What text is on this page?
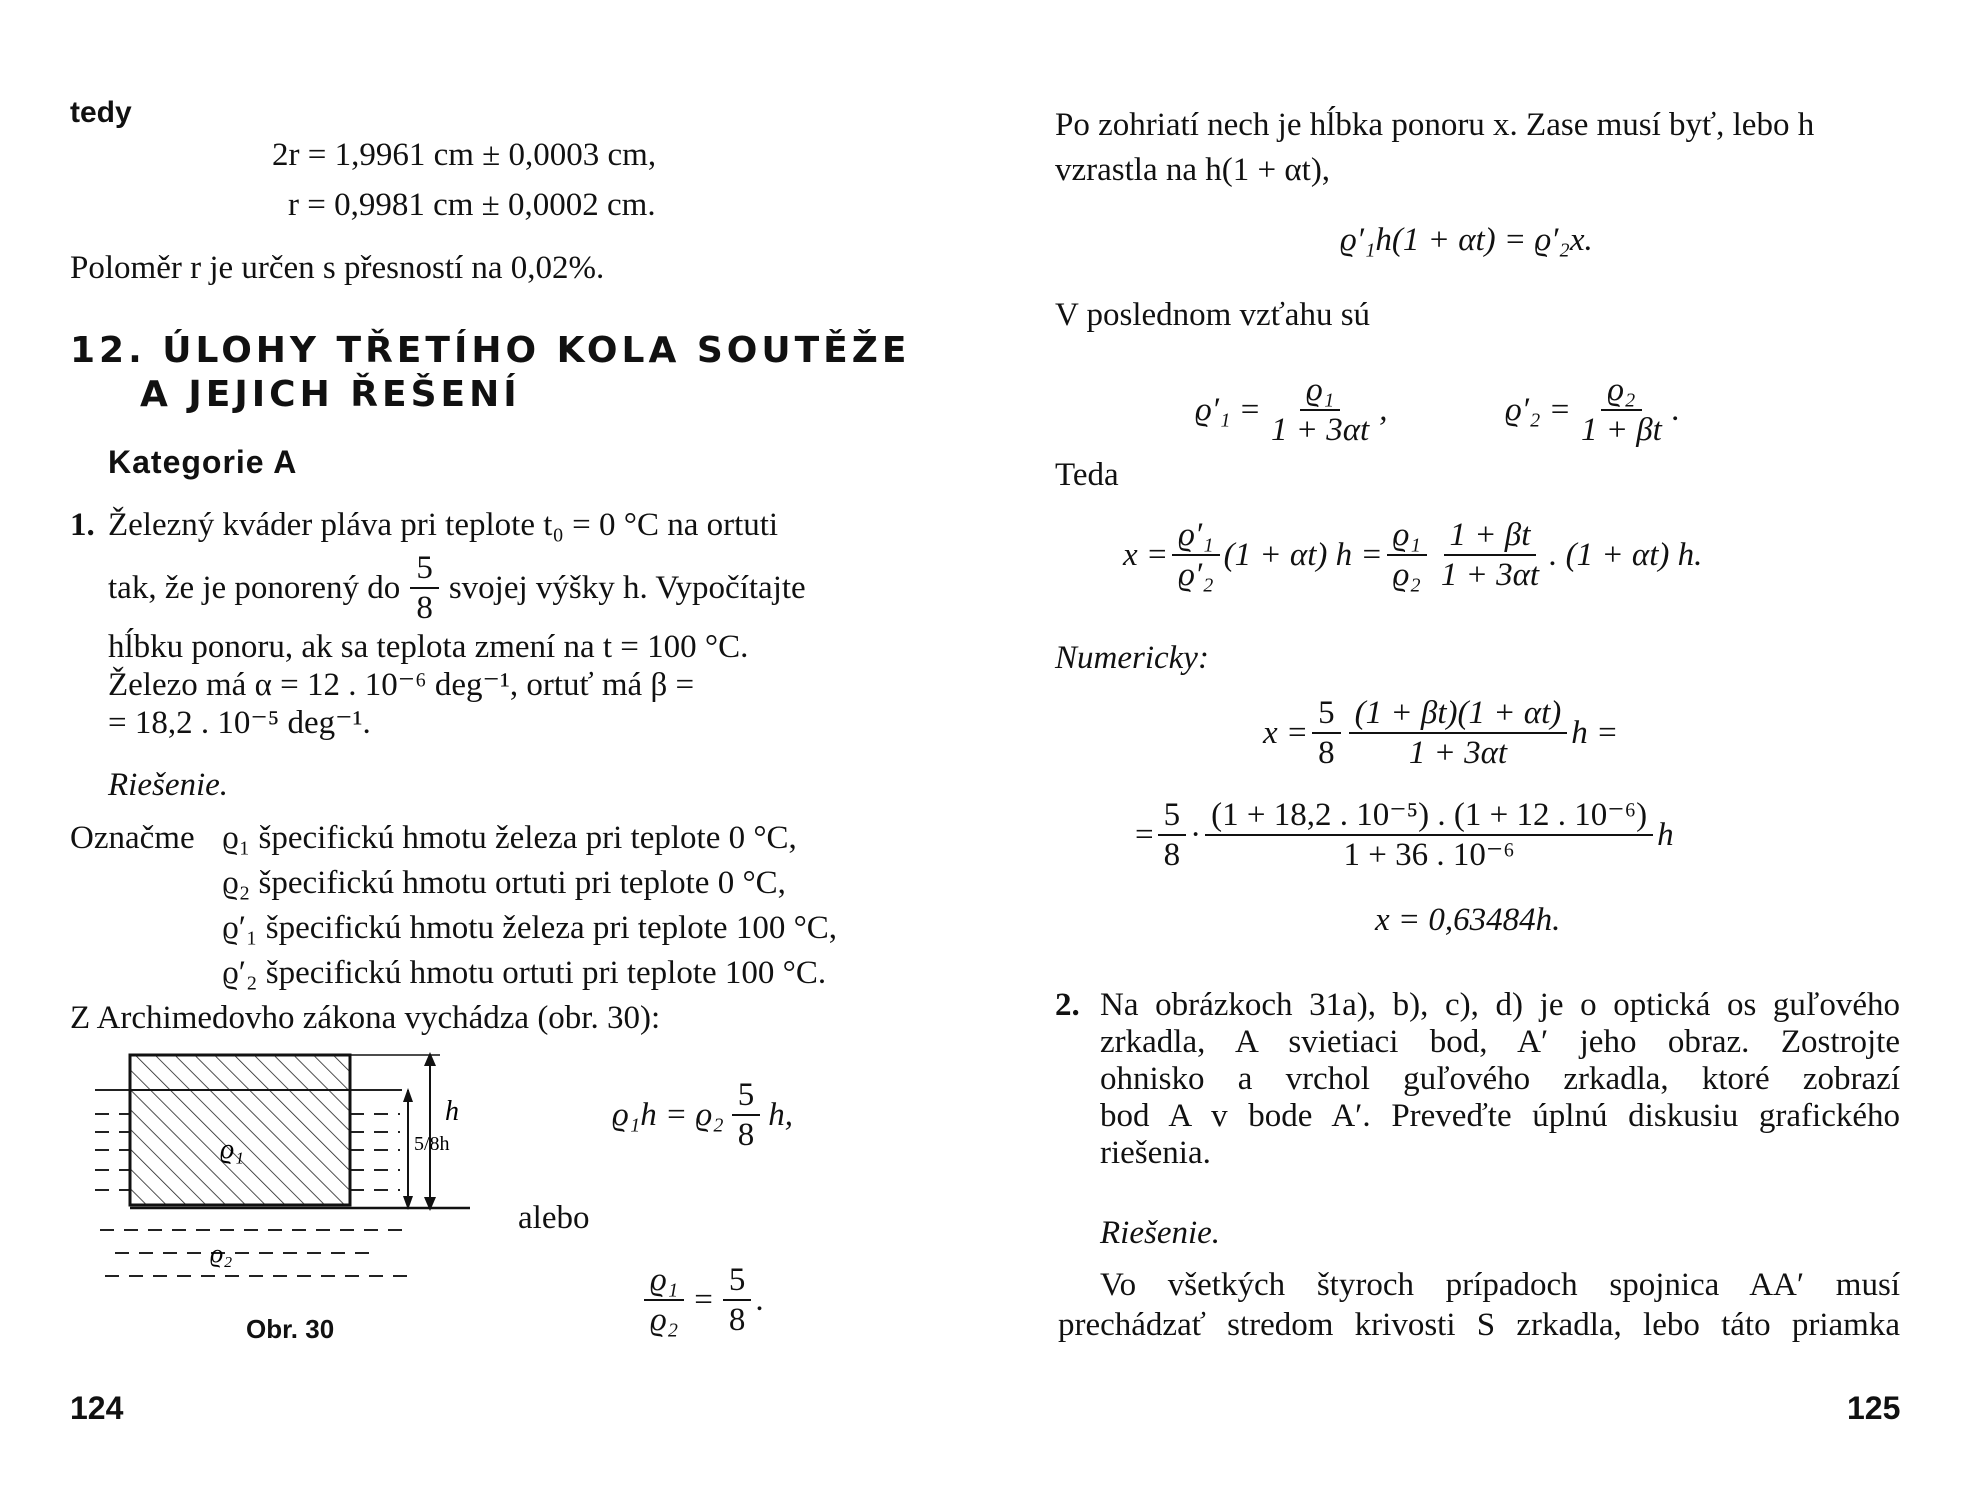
tedy
2r = 1,9961 cm ± 0,0003 cm,
r = 0,9981 cm ± 0,0002 cm.
Poloměr r je určen s přesností na 0,02%.
12. ÚLOHY TŘETÍHO KOLA SOUTĚŽE
A JEJICH ŘEŠENÍ
Kategorie A
1. Železný kváder pláva pri teplote t₀ = 0 °C na ortuti
tak, že je ponorený do $\frac{5}{8}$ svojej výšky h. Vypočítajte
hĺbku ponoru, ak sa teplota zmení na t = 100 °C.
Železo má α = 12 . 10⁻⁶ deg⁻¹, ortuť má β =
= 18,2 . 10⁻⁵ deg⁻¹.
Riešenie.
Označme ϱ₁ špecifickú hmotu železa pri teplote 0 °C,
ϱ₂ špecifickú hmotu ortuti pri teplote 0 °C,
ϱ′₁ špecifickú hmotu železa pri teplote 100 °C,
ϱ′₂ špecifickú hmotu ortuti pri teplote 100 °C.
Z Archimedovho zákona vychádza (obr. 30):
h
5/8h
ϱ₁
ϱ₂
Obr. 30
$ϱ_1h = ϱ_2 \frac{5}{8} h$,
alebo
$\frac{\text{ϱ₁}}{\text{ϱ₂}} = \frac{5}{8}$ .
124
Po zohriatí nech je hĺbka ponoru x. Zase musí byť, lebo h
vzrastla na h(1 + αt),
ϱ′₁h(1 + αt) = ϱ′₂x.
V poslednom vzťahu sú
$ϱ'_1 = \frac{\text{ϱ₁}}{1 + 3\alpha t}$ ,	$ϱ'_2 = \frac{\text{ϱ₂}}{1 + \beta t}$ .
Teda
$x = \frac{\text{ϱ′₁}}{\text{ϱ′₂}} (1 + \alpha t) h = \frac{\text{ϱ₁}}{\text{ϱ₂}} \frac{1 + \beta t}{1 + 3\alpha t}$ . (1 + αt) h.
Numericky:
$x = \frac{5}{8} \frac{(1 + \beta t)(1 + \alpha t)}{1 + 3\alpha t}$ h =
= $\frac{5}{8} \cdot \frac{\text{(1 + 18,2 . 10⁻⁵) . (1 + 12 . 10⁻⁶)}}{\text{1 + 36 . 10⁻⁶}}$ h
x = 0,63484h.
2. Na obrázkoch 31a), b), c), d) je o optická os guľového
zrkadla, A svietiaci bod, A′ jeho obraz. Zostrojte
ohnisko a vrchol guľového zrkadla, ktoré zobrazí
bod A v bode A′. Preveďte úplnú diskusiu grafického
riešenia.
Riešenie.
Vo všetkých štyroch prípadoch spojnica AA′ musí
prechádzať stredom krivosti S zrkadla, lebo táto priamka
125
